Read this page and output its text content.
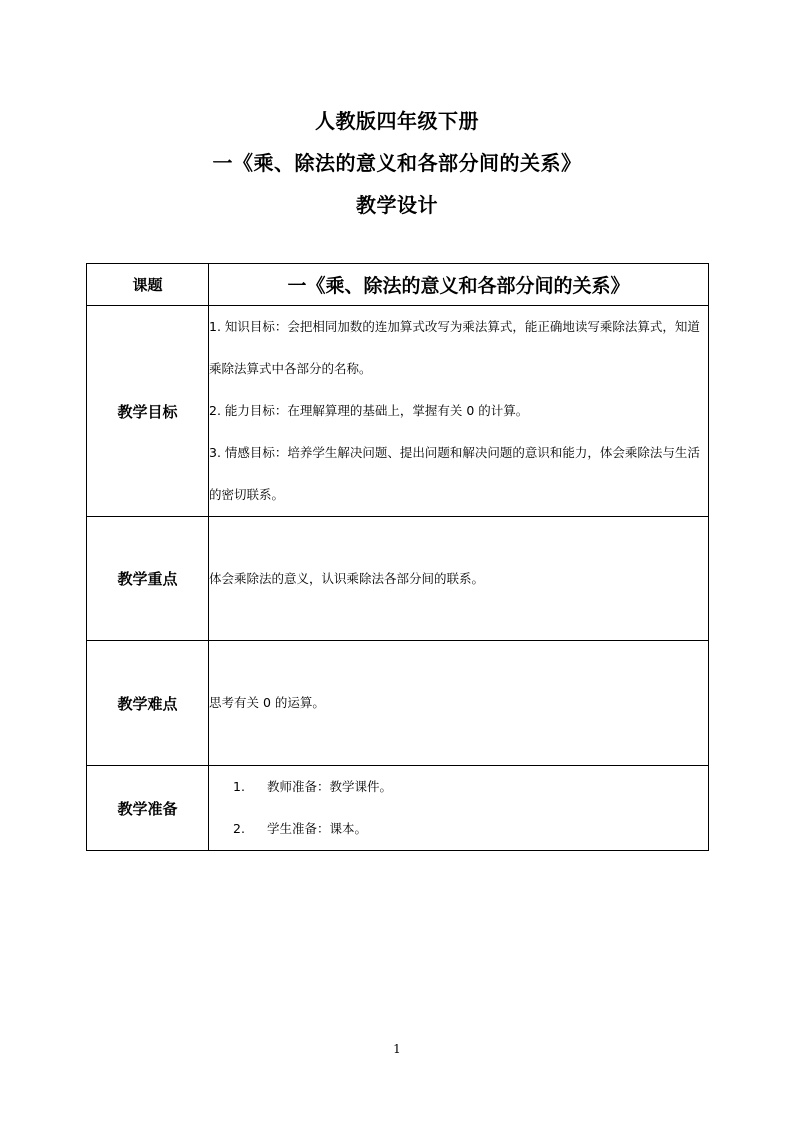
人教版四年级下册
一《乘、除法的意义和各部分间的关系》
教学设计
课题	一《乘、除法的意义和各部分间的关系》
教学目标	1. 知识目标：会把相同加数的连加算式改写为乘法算式，能正确地读写乘除法算式，知道乘除法算式中各部分的名称。

2. 能力目标：在理解算理的基础上，掌握有关 0 的计算。

3. 情感目标：培养学生解决问题、提出问题和解决问题的意识和能力，体会乘除法与生活的密切联系。

教学重点	体会乘除法的意义，认识乘除法各部分间的联系。
教学难点	思考有关 0 的运算。
教学准备	1. 教师准备：教学课件。
2. 学生准备：课本。
1
